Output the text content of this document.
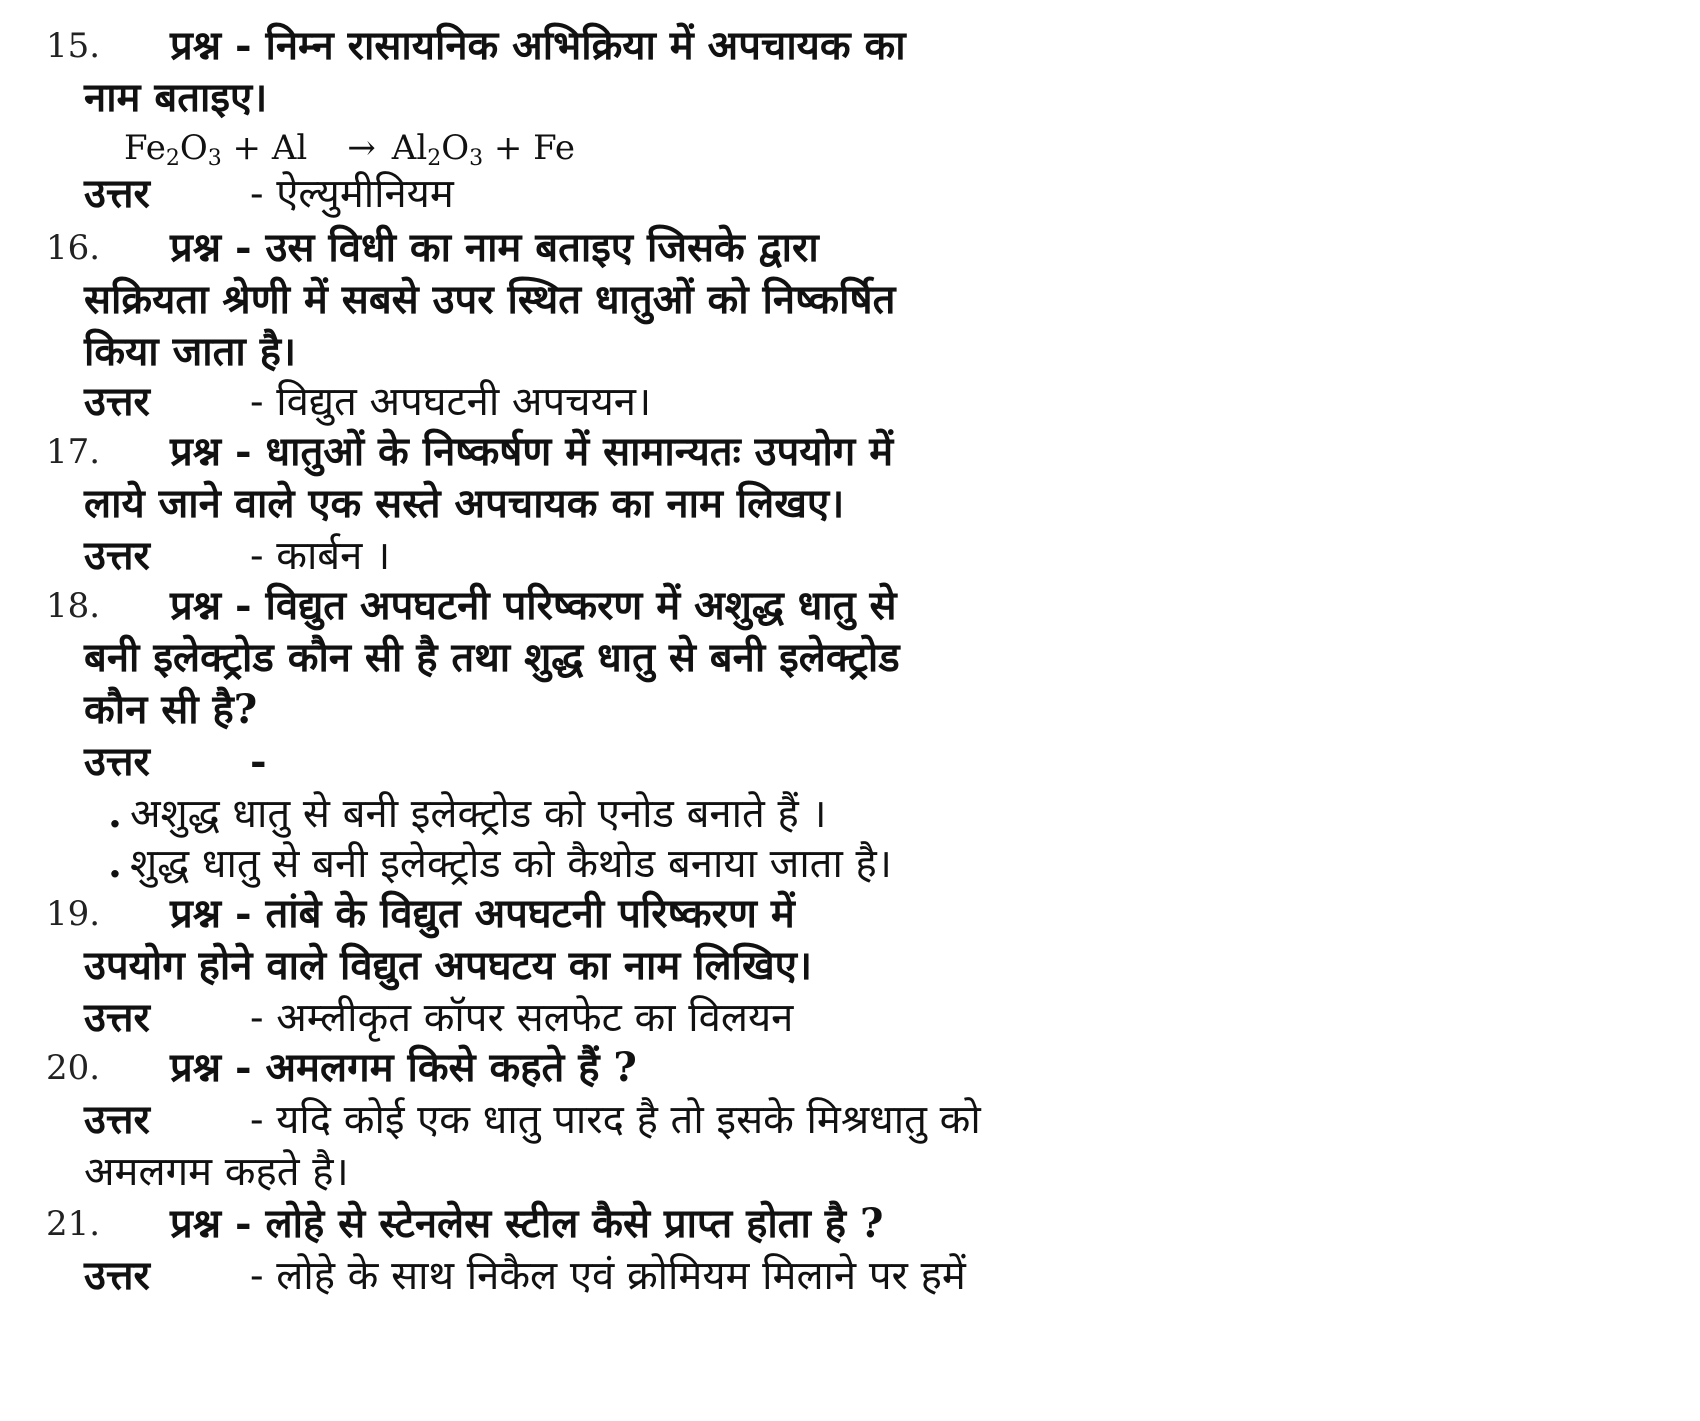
15. प्रश्न - निम्न रासायनिक अभिक्रिया में अपचायक का
नाम बताइए।
$Fe_2O_3 + Al \to Al_2O_3 + Fe$
उत्तर	- ऐल्युमीनियम
16. प्रश्न - उस विधी का नाम बताइए जिसके द्वारा
सक्रियता श्रेणी में सबसे उपर स्थित धातुओं को निष्कर्षित
किया जाता है।
उत्तर	- विद्युत अपघटनी अपचयन।
17. प्रश्न - धातुओं के निष्कर्षण में सामान्यतः उपयोग में
लाये जाने वाले एक सस्ते अपचायक का नाम लिखए।
उत्तर	- कार्बन ।
18. प्रश्न - विद्युत अपघटनी परिष्करण में अशुद्ध धातु से
बनी इलेक्ट्रोड कौन सी है तथा शुद्ध धातु से बनी इलेक्ट्रोड
कौन सी है?
उत्तर	-
. अशुद्ध धातु से बनी इलेक्ट्रोड को एनोड बनाते हैं ।
. शुद्ध धातु से बनी इलेक्ट्रोड को कैथोड बनाया जाता है।
19. प्रश्न - तांबे के विद्युत अपघटनी परिष्करण में
उपयोग होने वाले विद्युत अपघटय का नाम लिखिए।
उत्तर	- अम्लीकृत कॉपर सलफेट का विलयन
20. प्रश्न - अमलगम किसे कहते हैं ?
उत्तर	- यदि कोई एक धातु पारद है तो इसके मिश्रधातु को
अमलगम कहते है।
21. प्रश्न - लोहे से स्टेनलेस स्टील कैसे प्राप्त होता है ?
उत्तर	- लोहे के साथ निकैल एवं क्रोमियम मिलाने पर हमें
